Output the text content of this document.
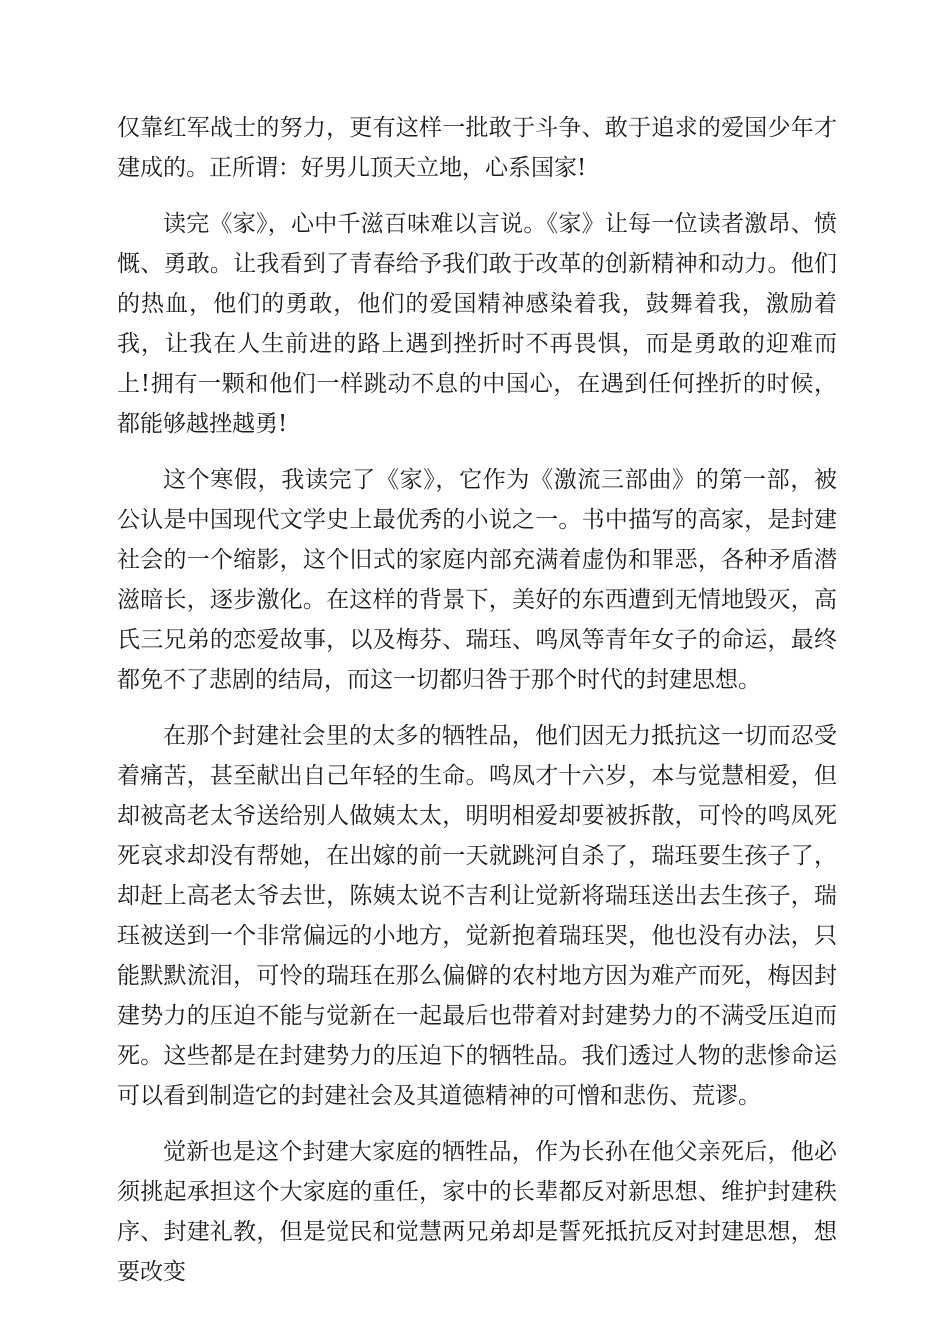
仅靠红军战士的努力，更有这样一批敢于斗争、敢于追求的爱国少年才建成的。正所谓：好男儿顶天立地，心系国家!

读完《家》，心中千滋百味难以言说。《家》让每一位读者激昂、愤慨、勇敢。让我看到了青春给予我们敢于改革的创新精神和动力。他们的热血，他们的勇敢，他们的爱国精神感染着我，鼓舞着我，激励着我，让我在人生前进的路上遇到挫折时不再畏惧，而是勇敢的迎难而上!拥有一颗和他们一样跳动不息的中国心，在遇到任何挫折的时候，都能够越挫越勇!

这个寒假，我读完了《家》，它作为《激流三部曲》的第一部，被公认是中国现代文学史上最优秀的小说之一。书中描写的高家，是封建社会的一个缩影，这个旧式的家庭内部充满着虚伪和罪恶，各种矛盾潜滋暗长，逐步激化。在这样的背景下，美好的东西遭到无情地毁灭，高氏三兄弟的恋爱故事，以及梅芬、瑞珏、鸣凤等青年女子的命运，最终都免不了悲剧的结局，而这一切都归咎于那个时代的封建思想。

在那个封建社会里的太多的牺牲品，他们因无力抵抗这一切而忍受着痛苦，甚至献出自己年轻的生命。鸣凤才十六岁，本与觉慧相爱，但却被高老太爷送给别人做姨太太，明明相爱却要被拆散，可怜的鸣凤死死哀求却没有帮她，在出嫁的前一天就跳河自杀了，瑞珏要生孩子了，却赶上高老太爷去世，陈姨太说不吉利让觉新将瑞珏送出去生孩子，瑞珏被送到一个非常偏远的小地方，觉新抱着瑞珏哭，他也没有办法，只能默默流泪，可怜的瑞珏在那么偏僻的农村地方因为难产而死，梅因封建势力的压迫不能与觉新在一起最后也带着对封建势力的不满受压迫而死。这些都是在封建势力的压迫下的牺牲品。我们透过人物的悲惨命运可以看到制造它的封建社会及其道德精神的可憎和悲伤、荒谬。

觉新也是这个封建大家庭的牺牲品，作为长孙在他父亲死后，他必须挑起承担这个大家庭的重任，家中的长辈都反对新思想、维护封建秩序、封建礼教，但是觉民和觉慧两兄弟却是誓死抵抗反对封建思想，想要改变
